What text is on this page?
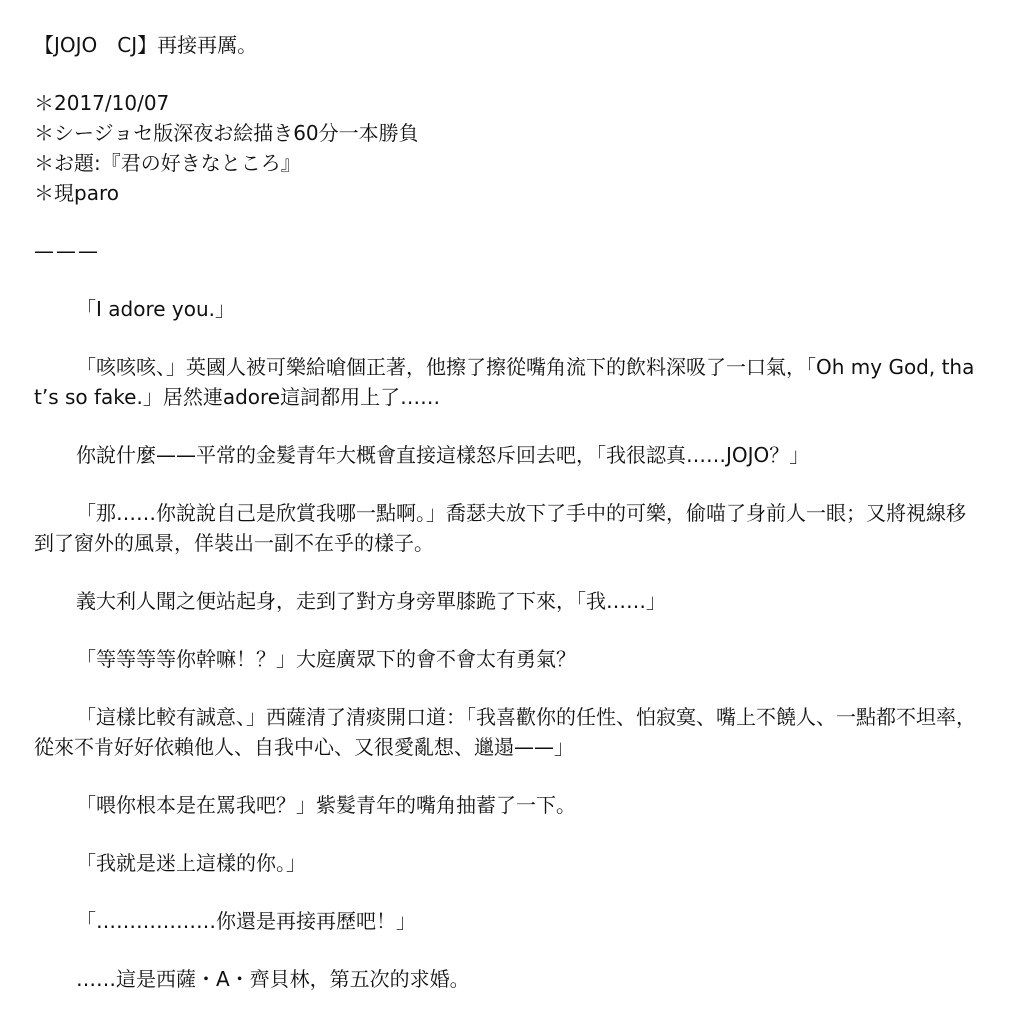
【JOJO　CJ】再接再厲。

＊2017/10/07

＊シージョセ版深夜お絵描き60分一本勝負

＊お題:『君の好きなところ』

＊現paro

———

「I adore you.」

「咳咳咳、」英國人被可樂給嗆個正著，他擦了擦從嘴角流下的飲料深吸了一口氣，「Oh my God, that’s so fake.」居然連adore這詞都用上了……

你說什麼——平常的金髮青年大概會直接這樣怒斥回去吧，「我很認真……JOJO？」

「那……你說說自己是欣賞我哪一點啊。」喬瑟夫放下了手中的可樂，偷喵了身前人一眼；又將視線移到了窗外的風景，佯裝出一副不在乎的樣子。

義大利人聞之便站起身，走到了對方身旁單膝跪了下來，「我……」

「等等等等你幹嘛！？」大庭廣眾下的會不會太有勇氣？

「這樣比較有誠意、」西薩清了清痰開口道：「我喜歡你的任性、怕寂寞、嘴上不饒人、一點都不坦率，從來不肯好好依賴他人、自我中心、又很愛亂想、邋遢——」

「喂你根本是在罵我吧？」紫髮青年的嘴角抽蓄了一下。

「我就是迷上這樣的你。」

「………………你還是再接再歷吧！」

……這是西薩・A・齊貝林，第五次的求婚。
